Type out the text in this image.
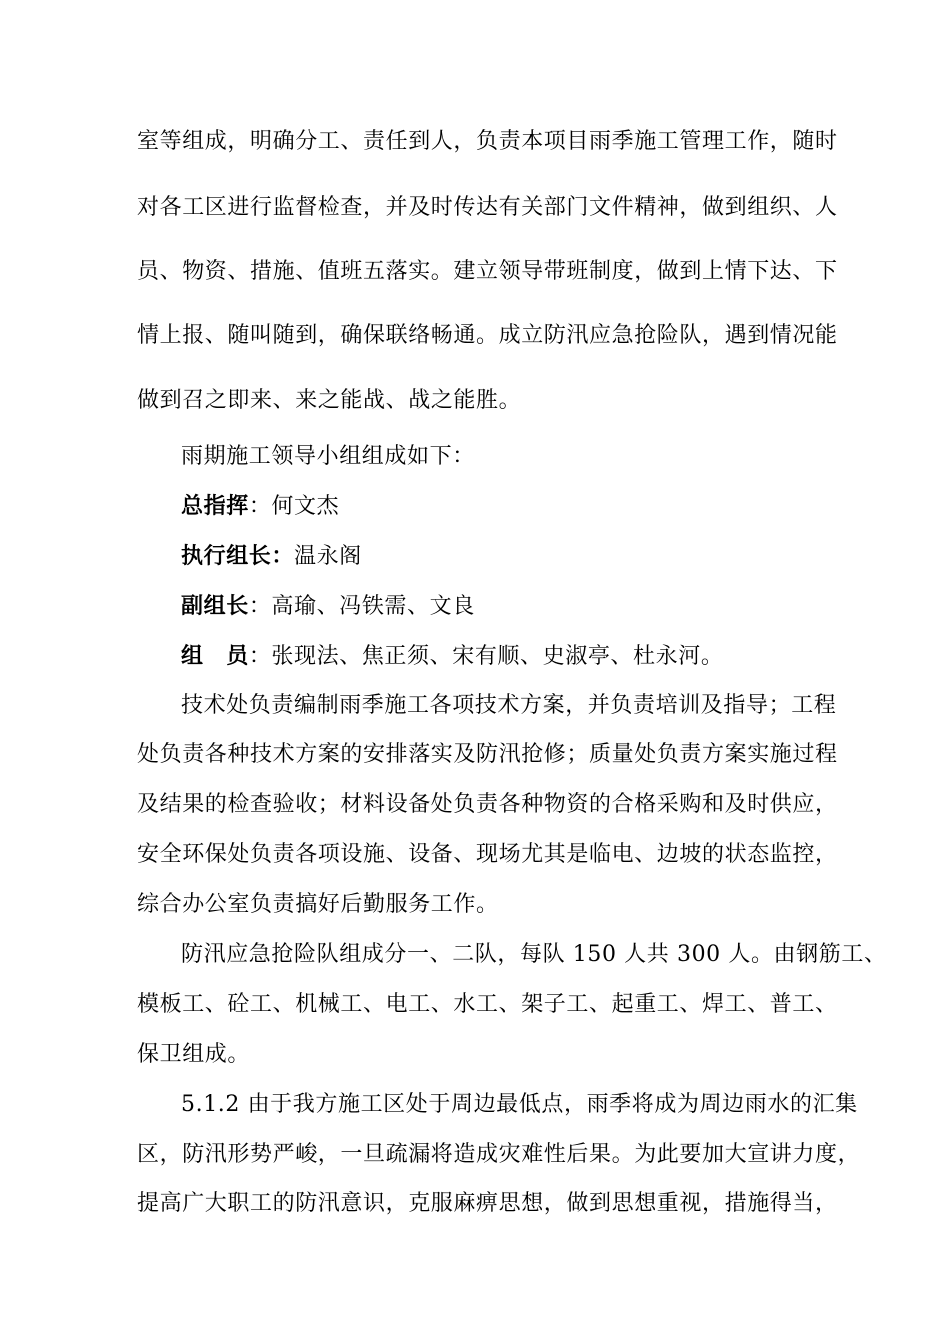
室等组成，明确分工、责任到人，负责本项目雨季施工管理工作，随时
对各工区进行监督检查，并及时传达有关部门文件精神，做到组织、人
员、物资、措施、值班五落实。建立领导带班制度，做到上情下达、下
情上报、随叫随到，确保联络畅通。成立防汛应急抢险队，遇到情况能
做到召之即来、来之能战、战之能胜。
雨期施工领导小组组成如下：
总指挥：何文杰
执行组长：温永阁
副组长：高瑜、冯铁需、文良
组　员：张现法、焦正须、宋有顺、史淑亭、杜永河。
技术处负责编制雨季施工各项技术方案，并负责培训及指导；工程
处负责各种技术方案的安排落实及防汛抢修；质量处负责方案实施过程
及结果的检查验收；材料设备处负责各种物资的合格采购和及时供应，
安全环保处负责各项设施、设备、现场尤其是临电、边坡的状态监控，
综合办公室负责搞好后勤服务工作。
防汛应急抢险队组成分一、二队，每队 150 人共 300 人。由钢筋工、
模板工、砼工、机械工、电工、水工、架子工、起重工、焊工、普工、
保卫组成。
5.1.2 由于我方施工区处于周边最低点，雨季将成为周边雨水的汇集
区，防汛形势严峻，一旦疏漏将造成灾难性后果。为此要加大宣讲力度，
提高广大职工的防汛意识，克服麻痹思想，做到思想重视，措施得当，
